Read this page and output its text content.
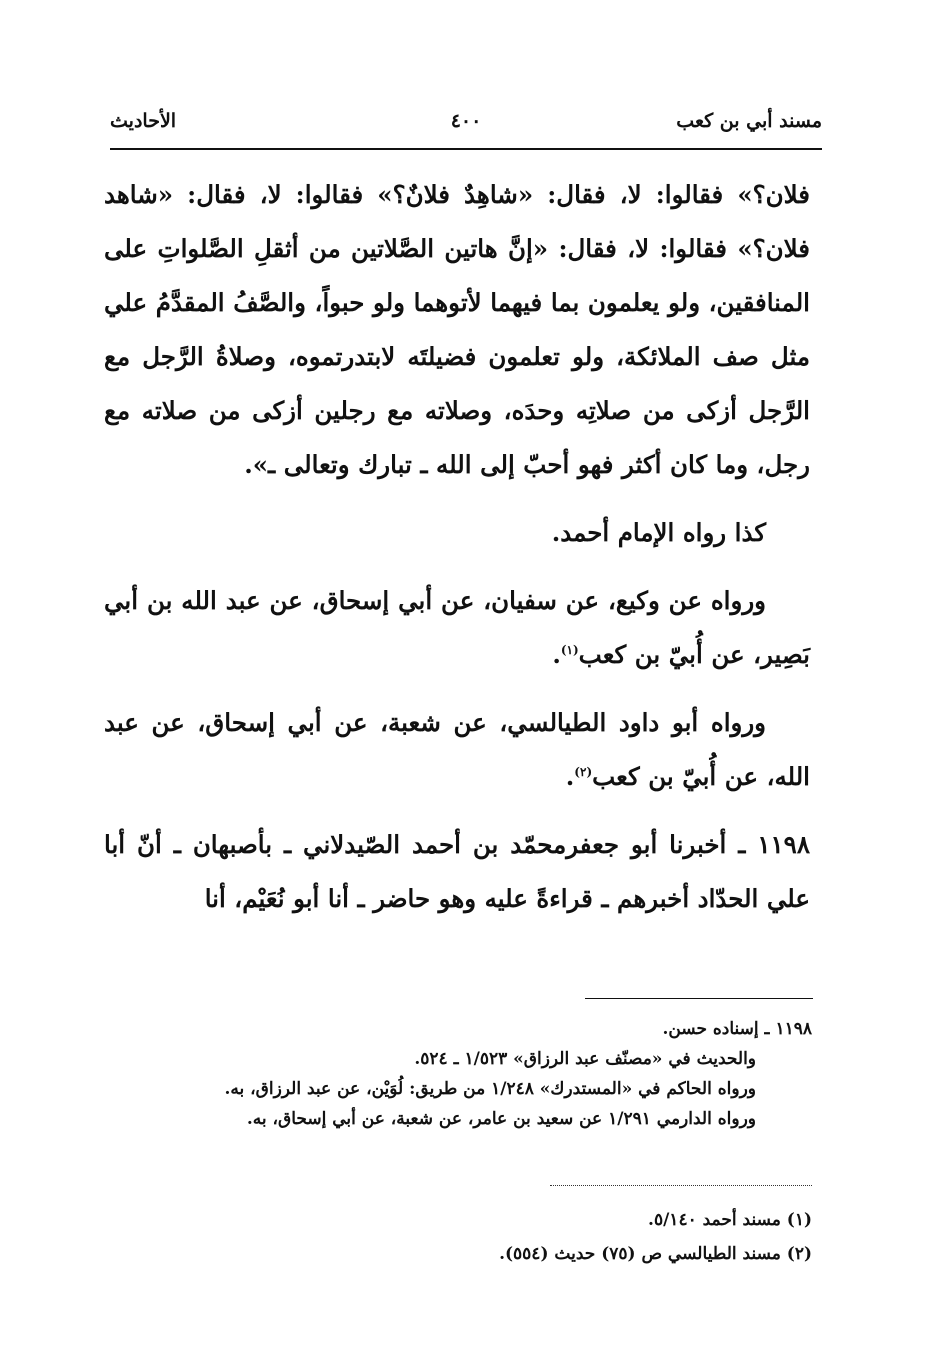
مسند أبي بن كعب
٤٠٠
الأحاديث

فلان؟» فقالوا: لا، فقال: «شاهِدٌ فلانٌ؟» فقالوا: لا، فقال: «شاهد فلان؟» فقالوا: لا، فقال: «إنَّ هاتين الصَّلاتين من أثقلِ الصَّلواتِ على المنافقين، ولو يعلمون بما فيهما لأتوهما ولو حبواً، والصَّفُ المقدَّمُ علي مثل صف الملائكة، ولو تعلمون فضيلتَه لابتدرتموه، وصلاةُ الرَّجل مع الرَّجل أزكى من صلاتِه وحدَه، وصلاته مع رجلين أزكى من صلاته مع رجل، وما كان أكثر فهو أحبّ إلى الله ـ تبارك وتعالى ـ».

كذا رواه الإمام أحمد.

ورواه عن وكيع، عن سفيان، عن أبي إسحاق، عن عبد الله بن أبي بَصِير، عن أُبيّ بن كعب$^{(١)}$.

ورواه أبو داود الطيالسي، عن شعبة، عن أبي إسحاق، عن عبد الله، عن أُبيّ بن كعب$^{(٢)}$.

١١٩٨ ـ أخبرنا أبو جعفرمحمّد بن أحمد الصّيدلاني ـ بأصبهان ـ أنّ أبا علي الحدّاد أخبرهم ـ قراءةً عليه وهو حاضر ـ أنا أبو نُعَيْم، أنا

١١٩٨ ـ إسناده حسن.

والحديث في «مصنّف عبد الرزاق» ١/٥٢٣ ـ ٥٢٤.

ورواه الحاكم في «المستدرك» ١/٢٤٨ من طريق: لُوَيْن، عن عبد الرزاق، به.

ورواه الدارمي ١/٢٩١ عن سعيد بن عامر، عن شعبة، عن أبي إسحاق، به.

(١) مسند أحمد ٥/١٤٠.

(٢) مسند الطيالسي ص (٧٥) حديث (٥٥٤).
